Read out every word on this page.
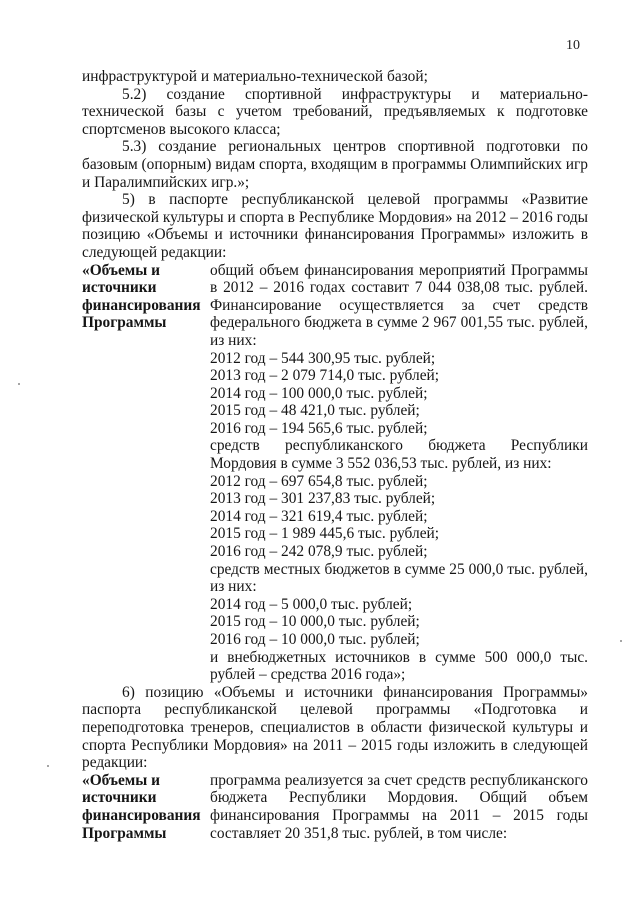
10

инфраструктурой и материально-технической базой;

5.2) создание спортивной инфраструктуры и материально-технической базы с учетом требований, предъявляемых к подготовке спортсменов высокого класса;

5.3) создание региональных центров спортивной подготовки по базовым (опорным) видам спорта, входящим в программы Олимпийских игр и Паралимпийских игр.»;

5) в паспорте республиканской целевой программы «Развитие физической культуры и спорта в Республике Мордовия» на 2012 – 2016 годы позицию «Объемы и источники финансирования Программы» изложить в следующей редакции:

«Объемы и
источники
финансирования
Программы
общий объем финансирования мероприятий Программы в 2012 – 2016 годах составит 7 044 038,08 тыс. рублей. Финансирование осуществляется за счет средств федерального бюджета в сумме 2 967 001,55 тыс. рублей, из них:
2012 год – 544 300,95 тыс. рублей;
2013 год – 2 079 714,0 тыс. рублей;
2014 год – 100 000,0 тыс. рублей;
2015 год – 48 421,0 тыс. рублей;
2016 год – 194 565,6 тыс. рублей;
средств республиканского бюджета Республики Мордовия в сумме 3 552 036,53 тыс. рублей, из них:
2012 год – 697 654,8 тыс. рублей;
2013 год – 301 237,83 тыс. рублей;
2014 год – 321 619,4 тыс. рублей;
2015 год – 1 989 445,6 тыс. рублей;
2016 год – 242 078,9 тыс. рублей;
средств местных бюджетов в сумме 25 000,0 тыс. рублей, из них:
2014 год – 5 000,0 тыс. рублей;
2015 год – 10 000,0 тыс. рублей;
2016 год – 10 000,0 тыс. рублей;
и внебюджетных источников в сумме 500 000,0 тыс. рублей – средства 2016 года»;

6) позицию «Объемы и источники финансирования Программы» паспорта республиканской целевой программы «Подготовка и переподготовка тренеров, специалистов в области физической культуры и спорта Республики Мордовия» на 2011 – 2015 годы изложить в следующей редакции:

«Объемы и
источники
финансирования
Программы
программа реализуется за счет средств республиканского бюджета Республики Мордовия. Общий объем финансирования Программы на 2011 – 2015 годы составляет 20 351,8 тыс. рублей, в том числе:
